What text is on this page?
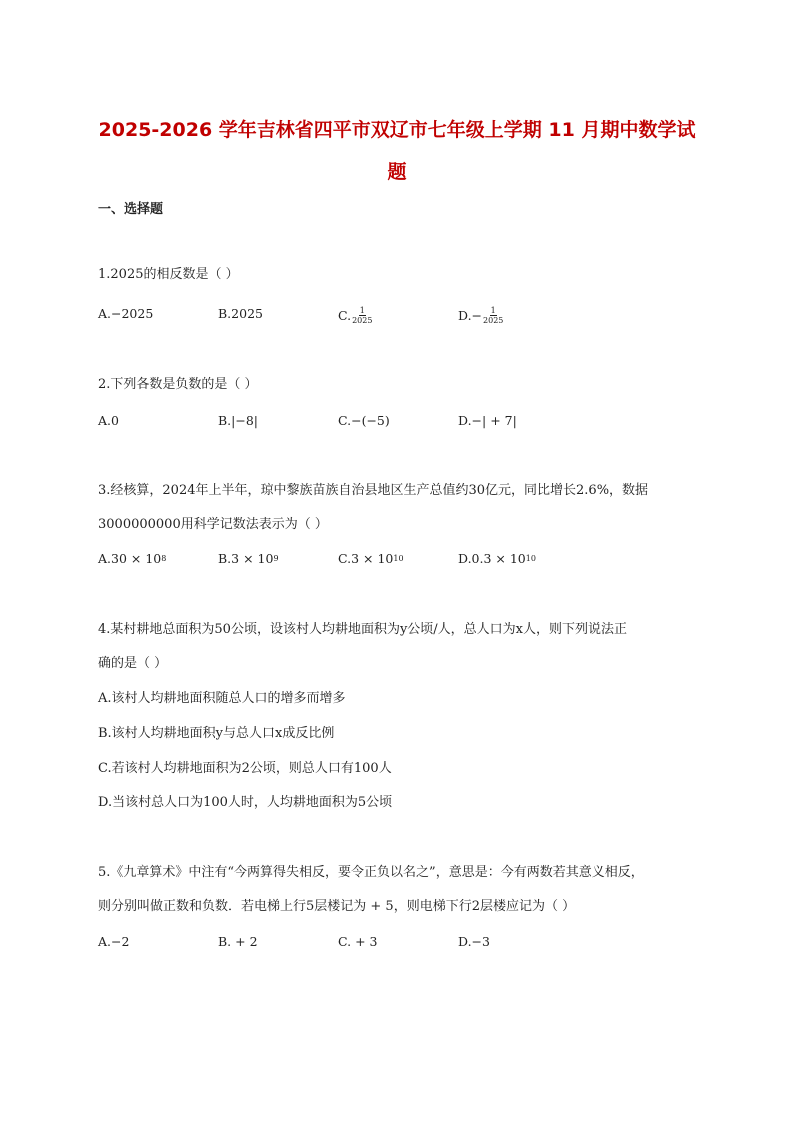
2025-2026 学年吉林省四平市双辽市七年级上学期 11 月期中数学试
题
一、选择题
1.2025的相反数是（ ）
A.−2025	B.2025	C. $\frac{1}{2025}$	$D.- \frac{1}{2025}$
2.下列各数是负数的是（ ）
A.0	B.|−8|	C.−(−5)	D.−| + 7|
3.经核算，2024年上半年，琼中黎族苗族自治县地区生产总值约30亿元，同比增长2.6%，数据
3000000000用科学记数法表示为（ ）
A.30 × 10 8	B.3 × 10 9	C.3 × 10 10	D.0.3 × 10 10
4.某村耕地总面积为50公顷，设该村人均耕地面积为y公顷/人，总人口为x人，则下列说法正
确的是（ ）
A.该村人均耕地面积随总人口的增多而增多
B.该村人均耕地面积y与总人口x成反比例
C.若该村人均耕地面积为2公顷，则总人口有100人
D.当该村总人口为100人时，人均耕地面积为5公顷
5.《九章算术》中注有“今两算得失相反，要令正负以名之”，意思是：今有两数若其意义相反，
则分别叫做正数和负数．若电梯上行5层楼记为 + 5，则电梯下行2层楼应记为（ ）
A.−2	B. + 2	C. + 3	D.−3
